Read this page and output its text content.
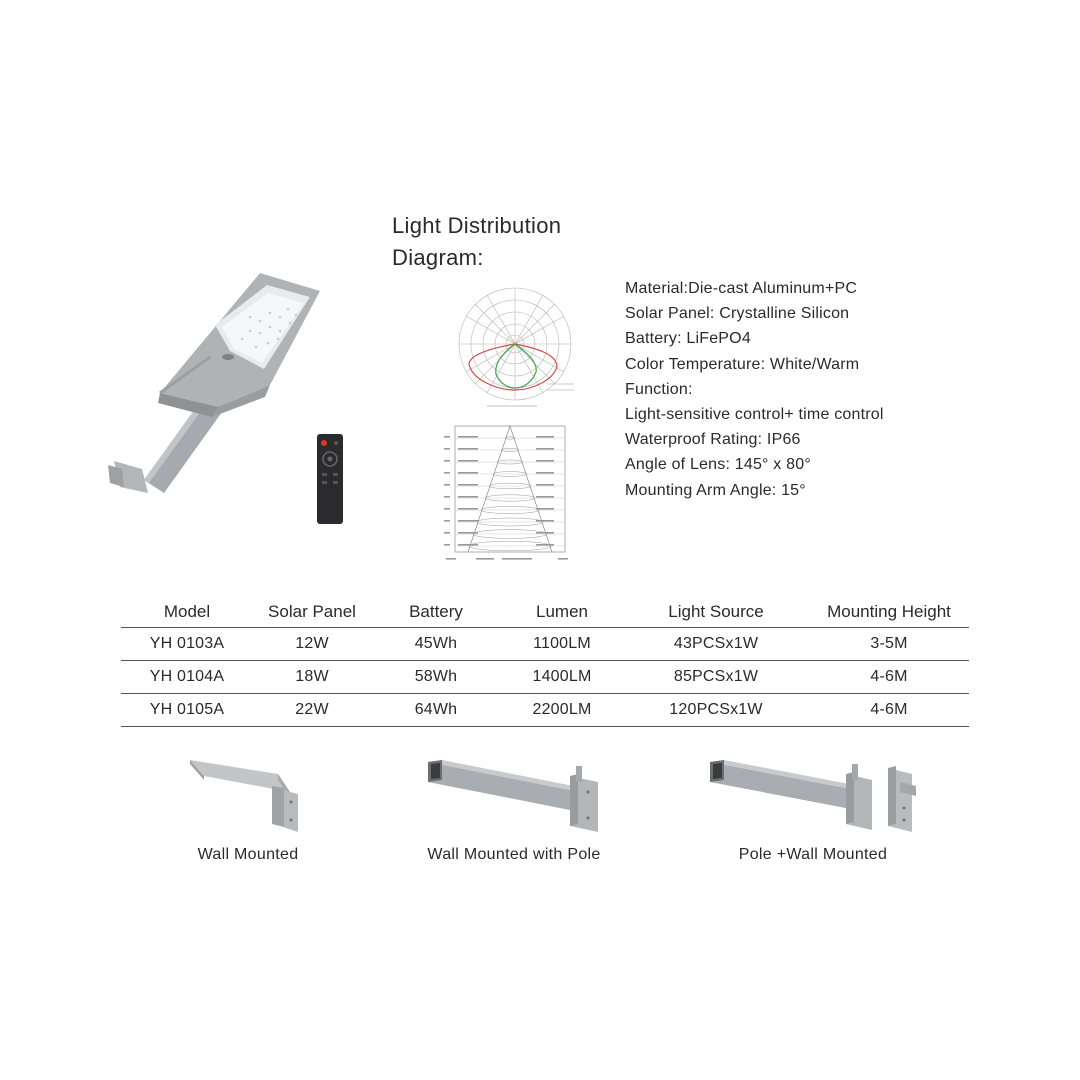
Light Distribution
Diagram:
Material:Die-cast Aluminum+PC
Solar Panel: Crystalline Silicon
Battery: LiFePO4
Color Temperature: White/Warm
Function:
Light-sensitive control+ time control
Waterproof Rating: IP66
Angle of Lens: 145° x 80°
Mounting Arm Angle: 15°
Model	Solar Panel	Battery	Lumen	Light Source	Mounting Height
YH 0103A	12W	45Wh	1100LM	43PCSx1W	3-5M
YH 0104A	18W	58Wh	1400LM	85PCSx1W	4-6M
YH 0105A	22W	64Wh	2200LM	120PCSx1W	4-6M
Wall Mounted	Wall Mounted with Pole	Pole +Wall Mounted
